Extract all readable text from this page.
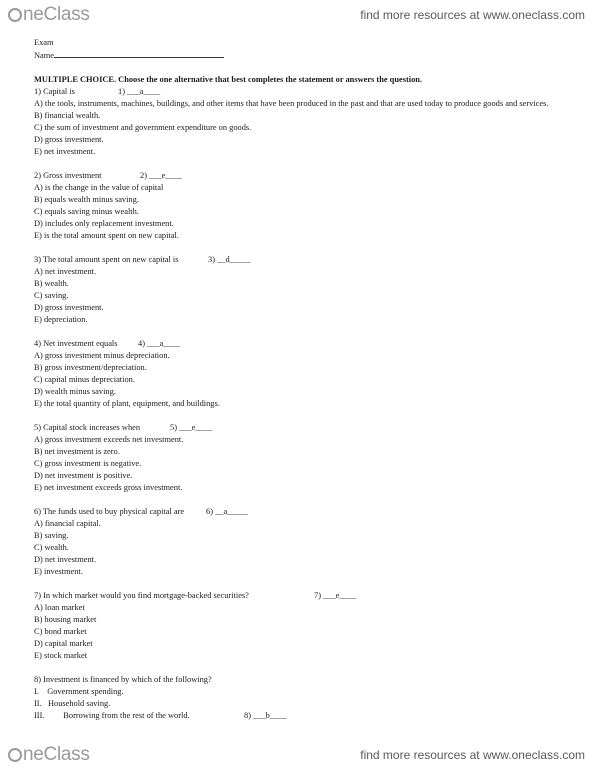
neClass	find more resources at www.oneclass.com
Exam
Name
MULTIPLE CHOICE. Choose the one alternative that best completes the statement or answers the question.
1) Capital is	1) ___a____
A) the tools, instruments, machines, buildings, and other items that have been produced in the past and that are used today to produce goods and services.
B) financial wealth.
C) the sum of investment and government expenditure on goods.
D) gross investment.
E) net investment.
2) Gross investment	2) ___e____
A) is the change in the value of capital
B) equals wealth minus saving.
C) equals saving minus wealth.
D) includes only replacement investment.
E) is the total amount spent on new capital.
3) The total amount spent on new capital is	3) __d_____
A) net investment.
B) wealth.
C) saving.
D) gross investment.
E) depreciation.
4) Net investment equals	4) ___a____
A) gross investment minus depreciation.
B) gross investment/depreciation.
C) capital minus depreciation.
D) wealth minus saving.
E) the total quantity of plant, equipment, and buildings.
5) Capital stock increases when	5) ___e____
A) gross investment exceeds net investment.
B) net investment is zero.
C) gross investment is negative.
D) net investment is positive.
E) net investment exceeds gross investment.
6) The funds used to buy physical capital are	6) __a_____
A) financial capital.
B) saving.
C) wealth.
D) net investment.
E) investment.
7) In which market would you find mortgage-backed securities?	7) ___e____
A) loan market
B) housing market
C) bond market
D) capital market
E) stock market
8) Investment is financed by which of the following?
I.    Government spending.
II.   Household saving.
III.         Borrowing from the rest of the world.	8) ___b____
neClass	find more resources at www.oneclass.com
